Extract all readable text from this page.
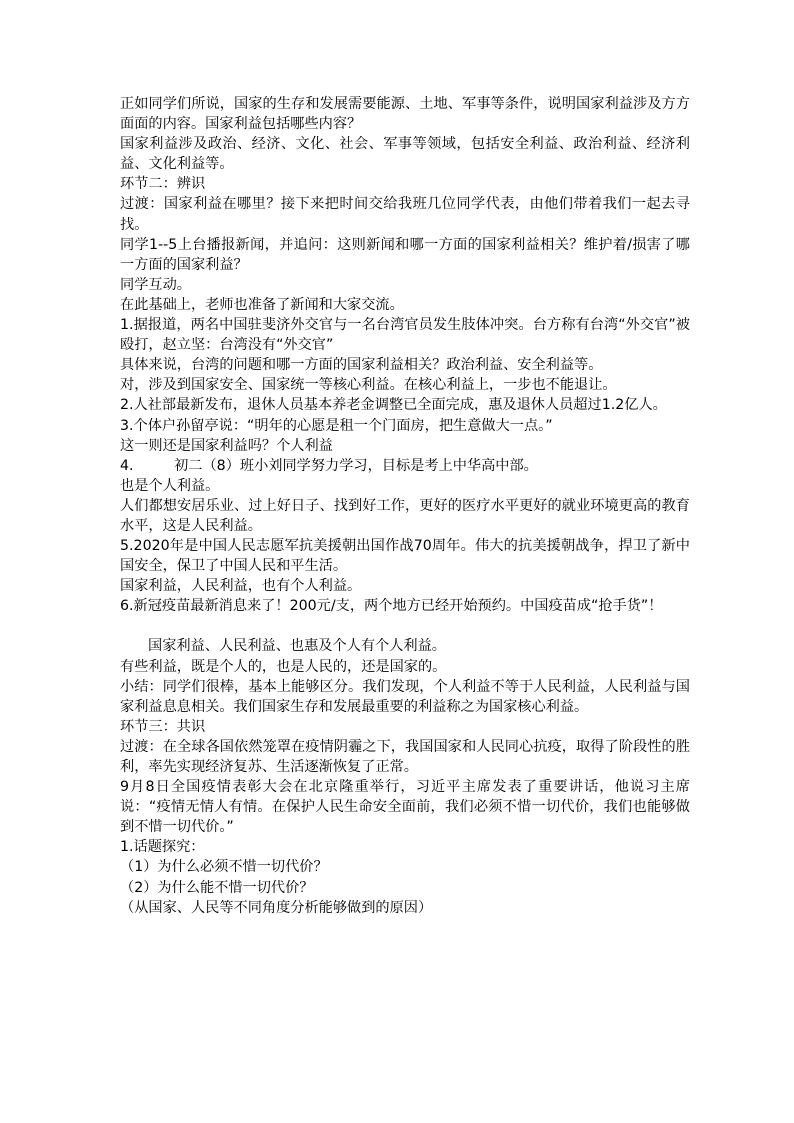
正如同学们所说，国家的生存和发展需要能源、土地、军事等条件，说明国家利益涉及方方面面的内容。国家利益包括哪些内容？

国家利益涉及政治、经济、文化、社会、军事等领域，包括安全利益、政治利益、经济利益、文化利益等。

环节二：辨识

过渡：国家利益在哪里？接下来把时间交给我班几位同学代表，由他们带着我们一起去寻找。

同学1--5上台播报新闻，并追问：这则新闻和哪一方面的国家利益相关？维护着/损害了哪一方面的国家利益？

同学互动。

在此基础上，老师也准备了新闻和大家交流。

1.据报道，两名中国驻斐济外交官与一名台湾官员发生肢体冲突。台方称有台湾“外交官”被殴打，赵立坚：台湾没有“外交官”

具体来说，台湾的问题和哪一方面的国家利益相关？政治利益、安全利益等。

对，涉及到国家安全、国家统一等核心利益。在核心利益上，一步也不能退让。

2.人社部最新发布，退休人员基本养老金调整已全面完成，惠及退休人员超过1.2亿人。

3.个体户孙留亭说：“明年的心愿是租一个门面房，把生意做大一点。”

这一则还是国家利益吗？个人利益

4.         初二（8）班小刘同学努力学习，目标是考上中华高中部。

也是个人利益。

人们都想安居乐业、过上好日子、找到好工作，更好的医疗水平更好的就业环境更高的教育水平，这是人民利益。

5.2020年是中国人民志愿军抗美援朝出国作战70周年。伟大的抗美援朝战争，捍卫了新中国安全，保卫了中国人民和平生活。

国家利益，人民利益，也有个人利益。

6.新冠疫苗最新消息来了！200元/支，两个地方已经开始预约。中国疫苗成“抢手货”！

国家利益、人民利益、也惠及个人有个人利益。

有些利益，既是个人的，也是人民的，还是国家的。

小结：同学们很棒，基本上能够区分。我们发现，个人利益不等于人民利益，人民利益与国家利益息息相关。我们国家生存和发展最重要的利益称之为国家核心利益。

环节三：共识

过渡：在全球各国依然笼罩在疫情阴霾之下，我国国家和人民同心抗疫，取得了阶段性的胜利，率先实现经济复苏、生活逐渐恢复了正常。

9月8日全国疫情表彰大会在北京隆重举行，习近平主席发表了重要讲话，他说习主席说：“疫情无情人有情。在保护人民生命安全面前，我们必须不惜一切代价，我们也能够做到不惜一切代价。”

1.话题探究：

（1）为什么必须不惜一切代价？

（2）为什么能不惜一切代价？

（从国家、人民等不同角度分析能够做到的原因）
